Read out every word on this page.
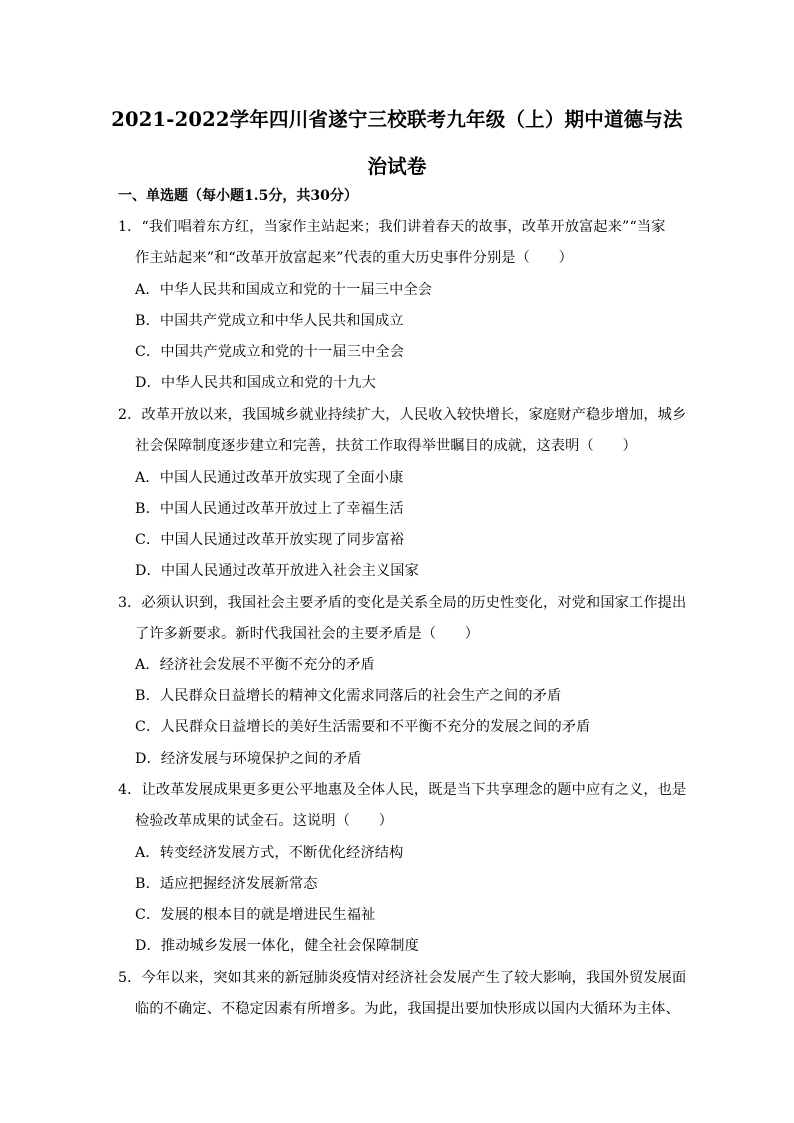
2021-2022学年四川省遂宁三校联考九年级（上）期中道德与法
治试卷
一、单选题（每小题1.5分，共30分）
1．“我们唱着东方红，当家作主站起来；我们讲着春天的故事，改革开放富起来”“当家
作主站起来”和“改革开放富起来”代表的重大历史事件分别是（　　）
A．中华人民共和国成立和党的十一届三中全会
B．中国共产党成立和中华人民共和国成立
C．中国共产党成立和党的十一届三中全会
D．中华人民共和国成立和党的十九大
2．改革开放以来，我国城乡就业持续扩大，人民收入较快增长，家庭财产稳步增加，城乡
社会保障制度逐步建立和完善，扶贫工作取得举世瞩目的成就，这表明（　　）
A．中国人民通过改革开放实现了全面小康
B．中国人民通过改革开放过上了幸福生活
C．中国人民通过改革开放实现了同步富裕
D．中国人民通过改革开放进入社会主义国家
3．必须认识到，我国社会主要矛盾的变化是关系全局的历史性变化，对党和国家工作提出
了许多新要求。新时代我国社会的主要矛盾是（　　）
A．经济社会发展不平衡不充分的矛盾
B．人民群众日益增长的精神文化需求同落后的社会生产之间的矛盾
C．人民群众日益增长的美好生活需要和不平衡不充分的发展之间的矛盾
D．经济发展与环境保护之间的矛盾
4．让改革发展成果更多更公平地惠及全体人民，既是当下共享理念的题中应有之义，也是
检验改革成果的试金石。这说明（　　）
A．转变经济发展方式，不断优化经济结构
B．适应把握经济发展新常态
C．发展的根本目的就是增进民生福祉
D．推动城乡发展一体化，健全社会保障制度
5．今年以来，突如其来的新冠肺炎疫情对经济社会发展产生了较大影响，我国外贸发展面
临的不确定、不稳定因素有所增多。为此，我国提出要加快形成以国内大循环为主体、
